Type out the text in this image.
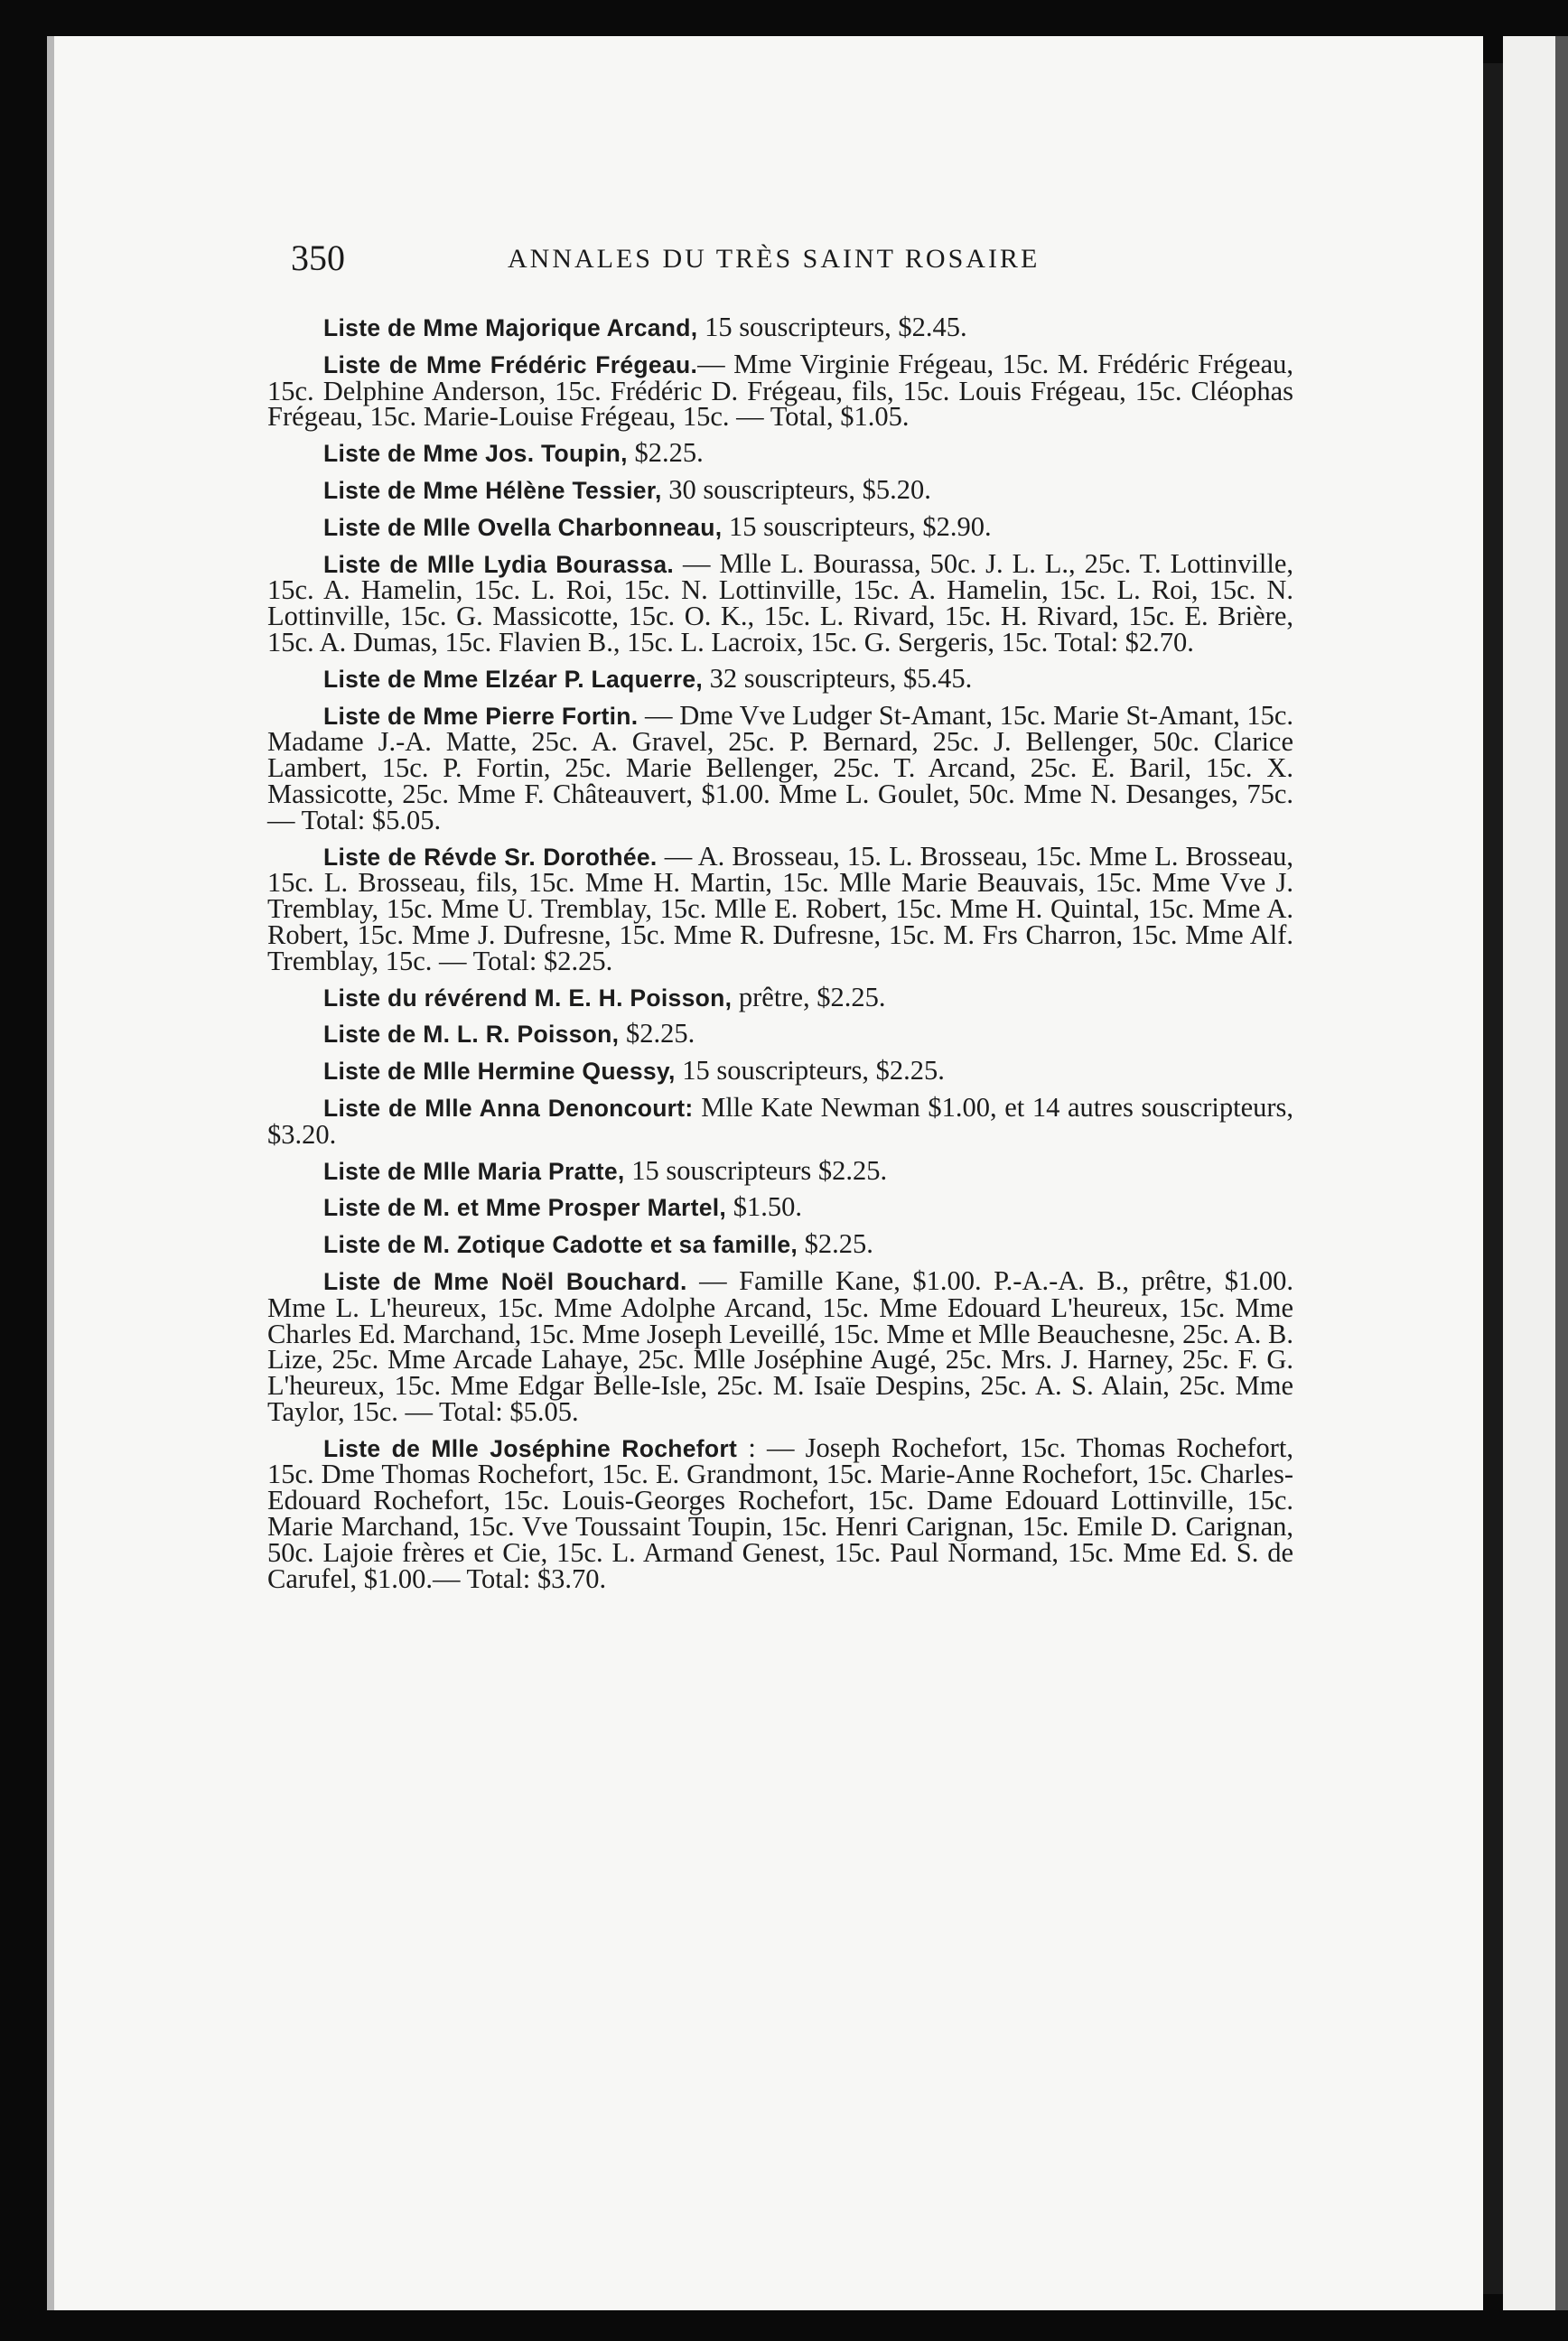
350	ANNALES DU TRÈS SAINT ROSAIRE

Liste de Mme Majorique Arcand, 15 souscripteurs, $2.45.

Liste de Mme Frédéric Frégeau.— Mme Virginie Frégeau, 15c. M. Frédéric Frégeau, 15c. Delphine Anderson, 15c. Frédéric D. Frégeau, fils, 15c. Louis Frégeau, 15c. Cléophas Frégeau, 15c. Marie-Louise Frégeau, 15c. — Total, $1.05.

Liste de Mme Jos. Toupin, $2.25.

Liste de Mme Hélène Tessier, 30 souscripteurs, $5.20.

Liste de Mlle Ovella Charbonneau, 15 souscripteurs, $2.90.

Liste de Mlle Lydia Bourassa. — Mlle L. Bourassa, 50c. J. L. L., 25c. T. Lottinville, 15c. A. Hamelin, 15c. L. Roi, 15c. N. Lottinville, 15c. A. Hamelin, 15c. L. Roi, 15c. N. Lottinville, 15c. G. Massicotte, 15c. O. K., 15c. L. Rivard, 15c. H. Rivard, 15c. E. Brière, 15c. A. Dumas, 15c. Flavien B., 15c. L. Lacroix, 15c. G. Sergeris, 15c. Total: $2.70.

Liste de Mme Elzéar P. Laquerre, 32 souscripteurs, $5.45.

Liste de Mme Pierre Fortin. — Dme Vve Ludger St-Amant, 15c. Marie St-Amant, 15c. Madame J.-A. Matte, 25c. A. Gravel, 25c. P. Bernard, 25c. J. Bellenger, 50c. Clarice Lambert, 15c. P. Fortin, 25c. Marie Bellenger, 25c. T. Arcand, 25c. E. Baril, 15c. X. Massicotte, 25c. Mme F. Châteauvert, $1.00. Mme L. Goulet, 50c. Mme N. Desanges, 75c. — Total: $5.05.

Liste de Révde Sr. Dorothée. — A. Brosseau, 15. L. Brosseau, 15c. Mme L. Brosseau, 15c. L. Brosseau, fils, 15c. Mme H. Martin, 15c. Mlle Marie Beauvais, 15c. Mme Vve J. Tremblay, 15c. Mme U. Tremblay, 15c. Mlle E. Robert, 15c. Mme H. Quintal, 15c. Mme A. Robert, 15c. Mme J. Dufresne, 15c. Mme R. Dufresne, 15c. M. Frs Charron, 15c. Mme Alf. Tremblay, 15c. — Total: $2.25.

Liste du révérend M. E. H. Poisson, prêtre, $2.25.

Liste de M. L. R. Poisson, $2.25.

Liste de Mlle Hermine Quessy, 15 souscripteurs, $2.25.

Liste de Mlle Anna Denoncourt: Mlle Kate Newman $1.00, et 14 autres souscripteurs, $3.20.

Liste de Mlle Maria Pratte, 15 souscripteurs $2.25.

Liste de M. et Mme Prosper Martel, $1.50.

Liste de M. Zotique Cadotte et sa famille, $2.25.

Liste de Mme Noël Bouchard. — Famille Kane, $1.00. P.-A.-A. B., prêtre, $1.00. Mme L. L'heureux, 15c. Mme Adolphe Arcand, 15c. Mme Edouard L'heureux, 15c. Mme Charles Ed. Marchand, 15c. Mme Joseph Leveillé, 15c. Mme et Mlle Beauchesne, 25c. A. B. Lize, 25c. Mme Arcade Lahaye, 25c. Mlle Joséphine Augé, 25c. Mrs. J. Harney, 25c. F. G. L'heureux, 15c. Mme Edgar Belle-Isle, 25c. M. Isaïe Despins, 25c. A. S. Alain, 25c. Mme Taylor, 15c. — Total: $5.05.

Liste de Mlle Joséphine Rochefort : — Joseph Rochefort, 15c. Thomas Rochefort, 15c. Dme Thomas Rochefort, 15c. E. Grandmont, 15c. Marie-Anne Rochefort, 15c. Charles-Edouard Rochefort, 15c. Louis-Georges Rochefort, 15c. Dame Edouard Lottinville, 15c. Marie Marchand, 15c. Vve Toussaint Toupin, 15c. Henri Carignan, 15c. Emile D. Carignan, 50c. Lajoie frères et Cie, 15c. L. Armand Genest, 15c. Paul Normand, 15c. Mme Ed. S. de Carufel, $1.00.— Total: $3.70.
